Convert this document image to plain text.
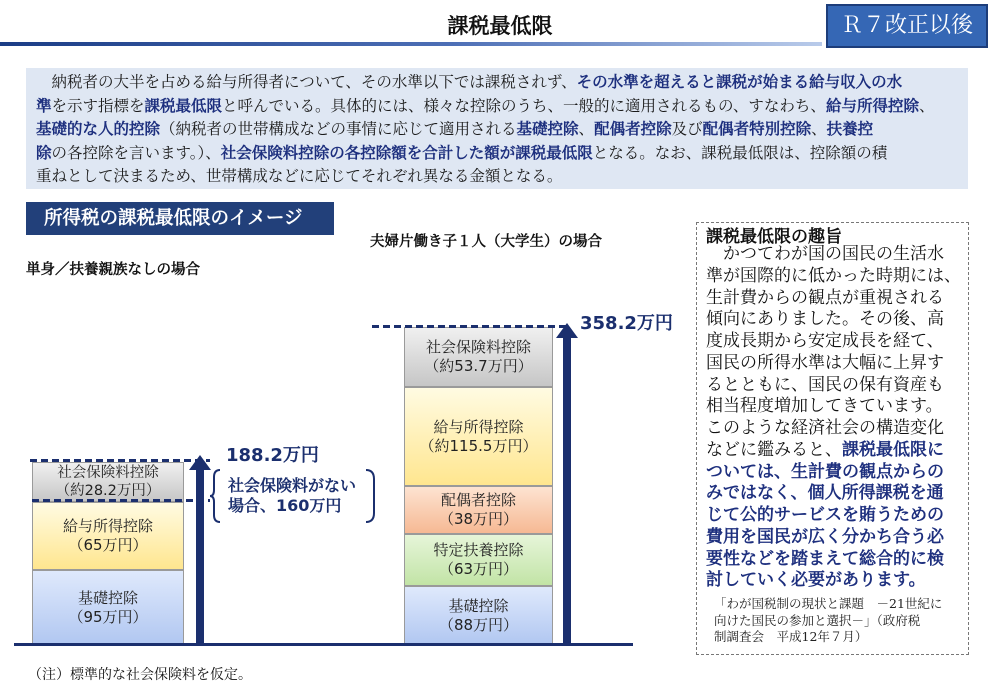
課税最低限	Ｒ７改正以後
　納税者の大半を占める給与所得者について、その水準以下では課税されず、その水準を超えると課税が始まる給与収入の水
準を示す指標を課税最低限と呼んでいる。具体的には、様々な控除のうち、一般的に適用されるもの、すなわち、給与所得控除、
基礎的な人的控除（納税者の世帯構成などの事情に応じて適用される基礎控除、配偶者控除及び配偶者特別控除、扶養控
除の各控除を言います。）、社会保険料控除の各控除額を合計した額が課税最低限となる。なお、課税最低限は、控除額の積
重ねとして決まるため、世帯構成などに応じてそれぞれ異なる金額となる。
所得税の課税最低限のイメージ
夫婦片働き子１人（大学生）の場合
単身／扶養親族なしの場合
社会保険料控除
（約28.2万円）
給与所得控除
（65万円）
基礎控除
（95万円）
188.2万円
社会保険料がない
場合、160万円
社会保険料控除
（約53.7万円）
給与所得控除
（約115.5万円）
配偶者控除
（38万円）
特定扶養控除
（63万円）
基礎控除
（88万円）
358.2万円
（注）標準的な社会保険料を仮定。
課税最低限の趣旨
　かつてわが国の国民の生活水
準が国際的に低かった時期には、
生計費からの観点が重視される
傾向にありました。その後、高
度成長期から安定成長を経て、
国民の所得水準は大幅に上昇す
るとともに、国民の保有資産も
相当程度増加してきています。
このような経済社会の構造変化
などに鑑みると、課税最低限に
ついては、生計費の観点からの
みではなく、個人所得課税を通
じて公的サービスを賄うための
費用を国民が広く分かち合う必
要性などを踏まえて総合的に検
討していく必要があります。
「わが国税制の現状と課題　－21世紀に
向けた国民の参加と選択－」（政府税
制調査会　平成12年７月）
